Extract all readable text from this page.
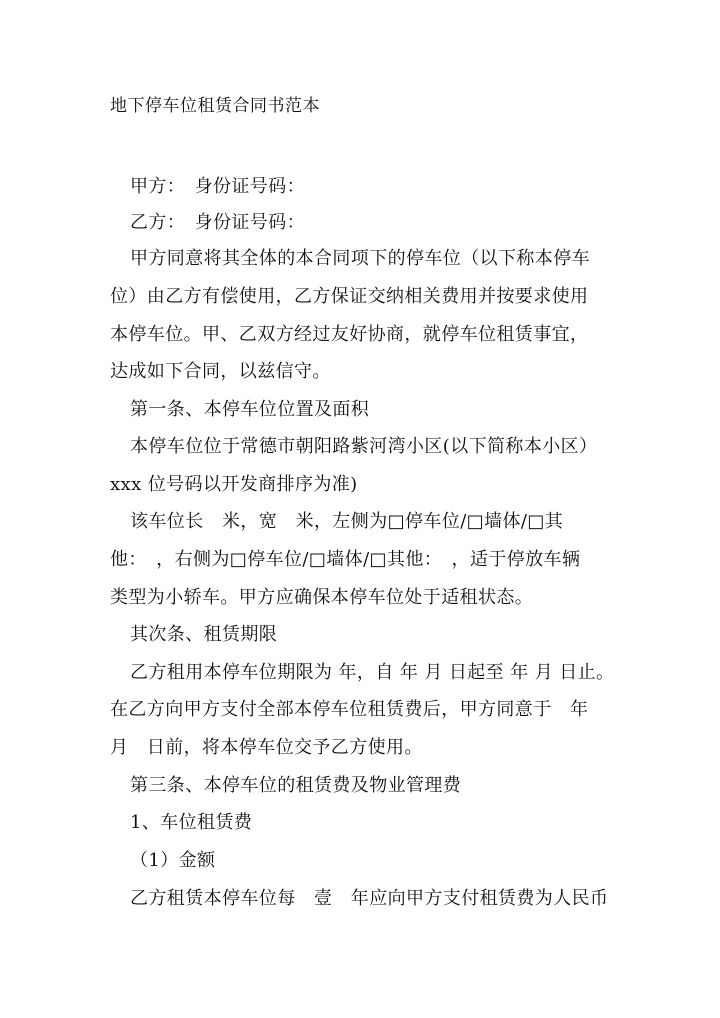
地下停车位租赁合同书范本
甲方：　身份证号码：
乙方：　身份证号码：
甲方同意将其全体的本合同项下的停车位（以下称本停车
位）由乙方有偿使用，乙方保证交纳相关费用并按要求使用
本停车位。甲、乙双方经过友好协商，就停车位租赁事宜，
达成如下合同，以兹信守。
第一条、本停车位位置及面积
本停车位位于常德市朝阳路紫河湾小区(以下简称本小区）
xxx 位号码以开发商排序为准)
该车位长　米，宽　米，左侧为□停车位/□墙体/□其
他：　，右侧为□停车位/□墙体/□其他：　，适于停放车辆
类型为小轿车。甲方应确保本停车位处于适租状态。
其次条、租赁期限
乙方租用本停车位期限为 年，自 年 月 日起至 年 月 日止。
在乙方向甲方支付全部本停车位租赁费后，甲方同意于　年
月　日前，将本停车位交予乙方使用。
第三条、本停车位的租赁费及物业管理费
1、车位租赁费
（1）金额
乙方租赁本停车位每　壹　年应向甲方支付租赁费为人民币
